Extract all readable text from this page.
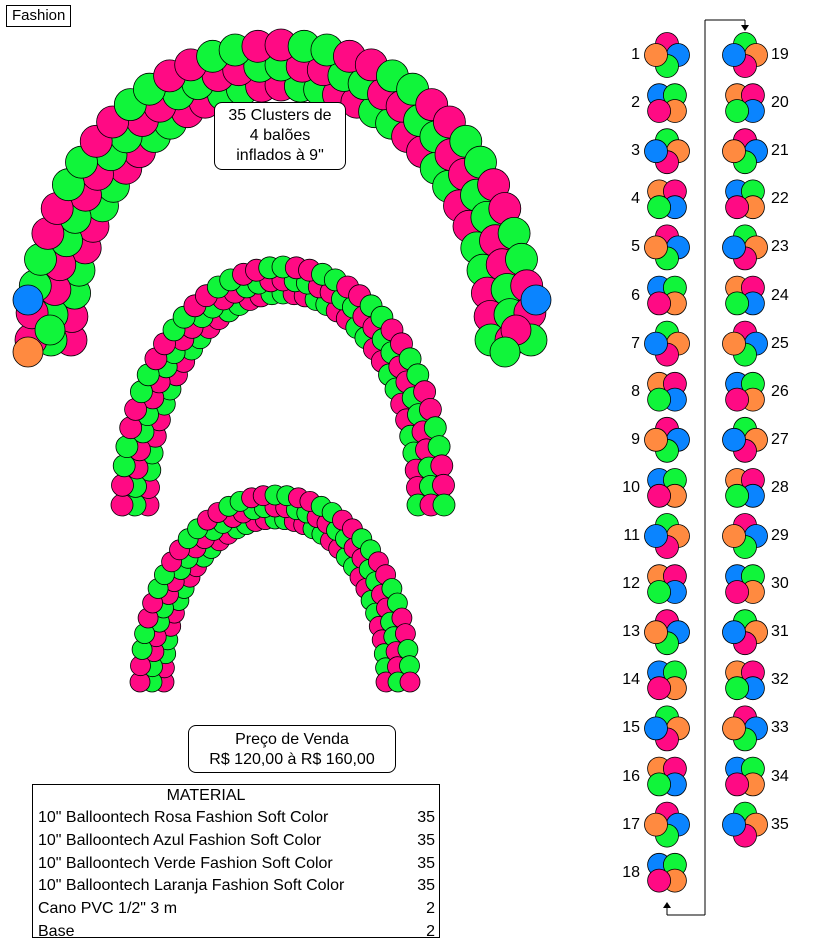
Fashion
35 Clusters de
4 balões
inflados à 9"
Preço de Venda
R$ 120,00 à R$ 160,00
MATERIAL
10" Balloontech Rosa Fashion Soft Color	35
10" Balloontech Azul Fashion Soft Color	35
10" Balloontech Verde Fashion Soft Color	35
10" Balloontech Laranja Fashion Soft Color	35
Cano PVC 1/2" 3 m	2
Base	2
1
2
3
4
5
6
7
8
9
10
11
12
13
14
15
16
17
18
19
20
21
22
23
24
25
26
27
28
29
30
31
32
33
34
35
